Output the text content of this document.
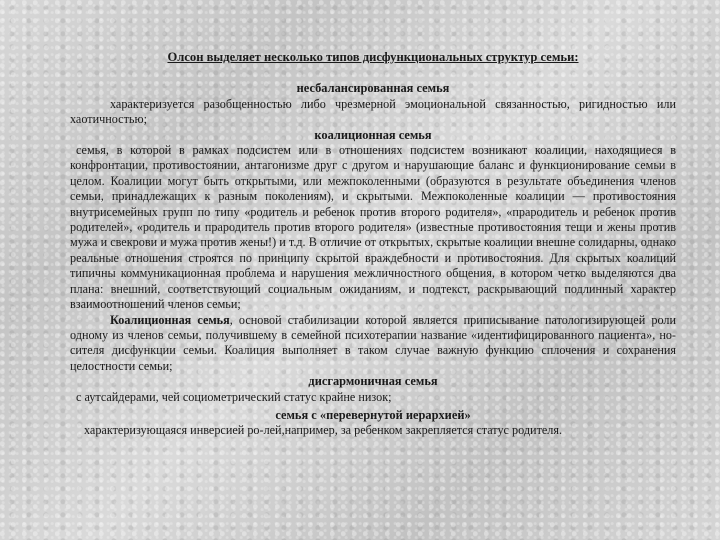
Олсон выделяет несколько типов дисфункциональных структур семьи:

несбалансированная семья

характеризуется разобщенностью либо чрезмерной эмоциональной связанностью, ригидностью или хаотичностью;

коалиционная семья

семья, в которой в рамках подсистем или в отношениях подсистем возникают коалиции, находящиеся в конфронтации, противостоянии, антагонизме друг с другом и нарушающие баланс и функционирование семьи в целом. Коалиции могут быть открытыми, или межпоколенными (образуются в результате объединения членов семьи, принадлежащих к разным поколениям), и скрытыми. Межпоколенные коалиции — противостояния внутрисемейных групп по типу «родитель и ребенок против второго родителя», «прародитель и ребенок против родителей», «родитель и прародитель против второго родителя» (известные противостояния тещи и жены против мужа и свекрови и мужа против жены!) и т.д. В отличие от открытых, скрытые коалиции внешне солидарны, однако реальные отношения строятся по принципу скрытой враждебности и противостояния. Для скрытых коалиций типичны коммуникационная проблема и нарушения межличностного общения, в котором четко выделяются два плана: внешний, соответствующий социальным ожиданиям, и подтекст, раскрывающий подлинный характер взаимоотношений членов семьи;

Коалиционная семья, основой стабилизации которой является приписывание патологизирующей роли одному из членов семьи, получившему в семейной психотерапии название «идентифицированного пациента», но-сителя дисфункции семьи. Коалиция выполняет в таком случае важную функцию сплочения и сохранения целостности семьи;

дисгармоничная семья

с аутсайдерами, чей социометрический статус крайне низок;

семья с «перевернутой иерархией»

характеризующаяся инверсией ро-лей,например, за ребенком закрепляется статус родителя.
